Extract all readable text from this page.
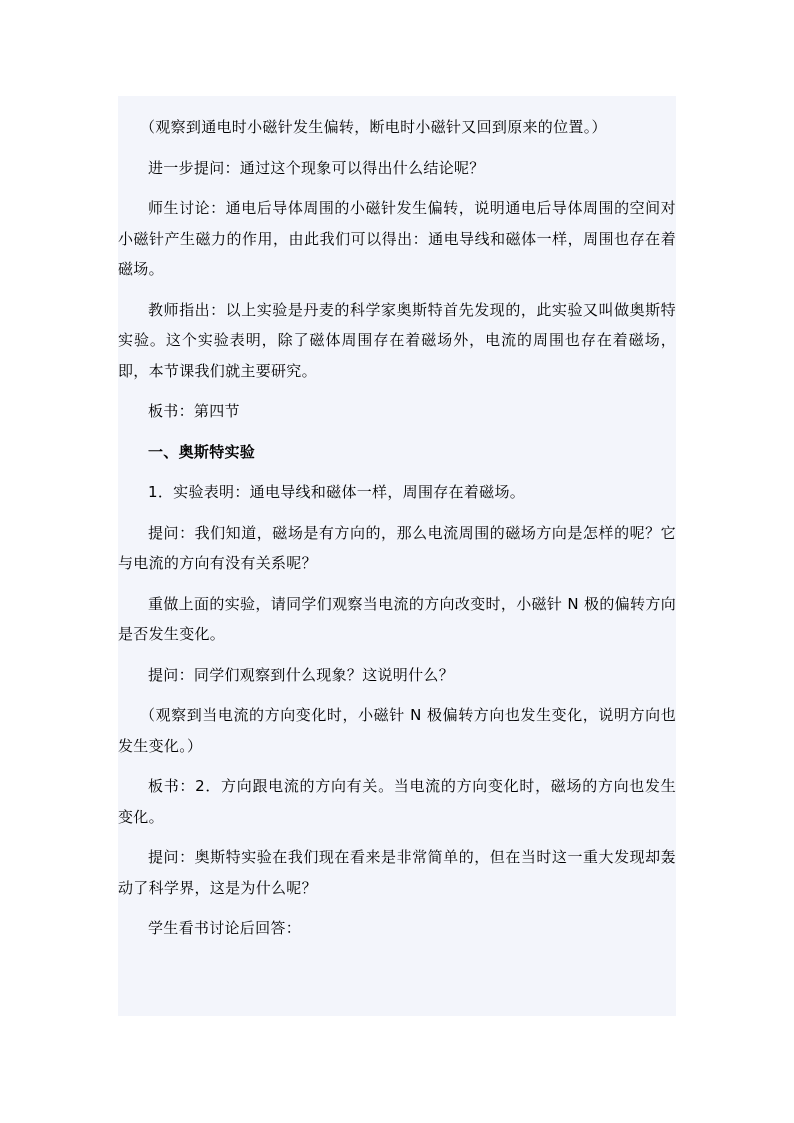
（观察到通电时小磁针发生偏转，断电时小磁针又回到原来的位置。）

进一步提问：通过这个现象可以得出什么结论呢？

师生讨论：通电后导体周围的小磁针发生偏转，说明通电后导体周围的空间对小磁针产生磁力的作用，由此我们可以得出：通电导线和磁体一样，周围也存在着磁场。

教师指出：以上实验是丹麦的科学家奥斯特首先发现的，此实验又叫做奥斯特实验。这个实验表明，除了磁体周围存在着磁场外，电流的周围也存在着磁场，即，本节课我们就主要研究。

板书：第四节

一、奥斯特实验

1．实验表明：通电导线和磁体一样，周围存在着磁场。

提问：我们知道，磁场是有方向的，那么电流周围的磁场方向是怎样的呢？它与电流的方向有没有关系呢？

重做上面的实验，请同学们观察当电流的方向改变时，小磁针 N 极的偏转方向是否发生变化。

提问：同学们观察到什么现象？这说明什么？

（观察到当电流的方向变化时，小磁针 N 极偏转方向也发生变化，说明方向也发生变化。）

板书：2．方向跟电流的方向有关。当电流的方向变化时，磁场的方向也发生变化。

提问：奥斯特实验在我们现在看来是非常简单的，但在当时这一重大发现却轰动了科学界，这是为什么呢？

学生看书讨论后回答：
